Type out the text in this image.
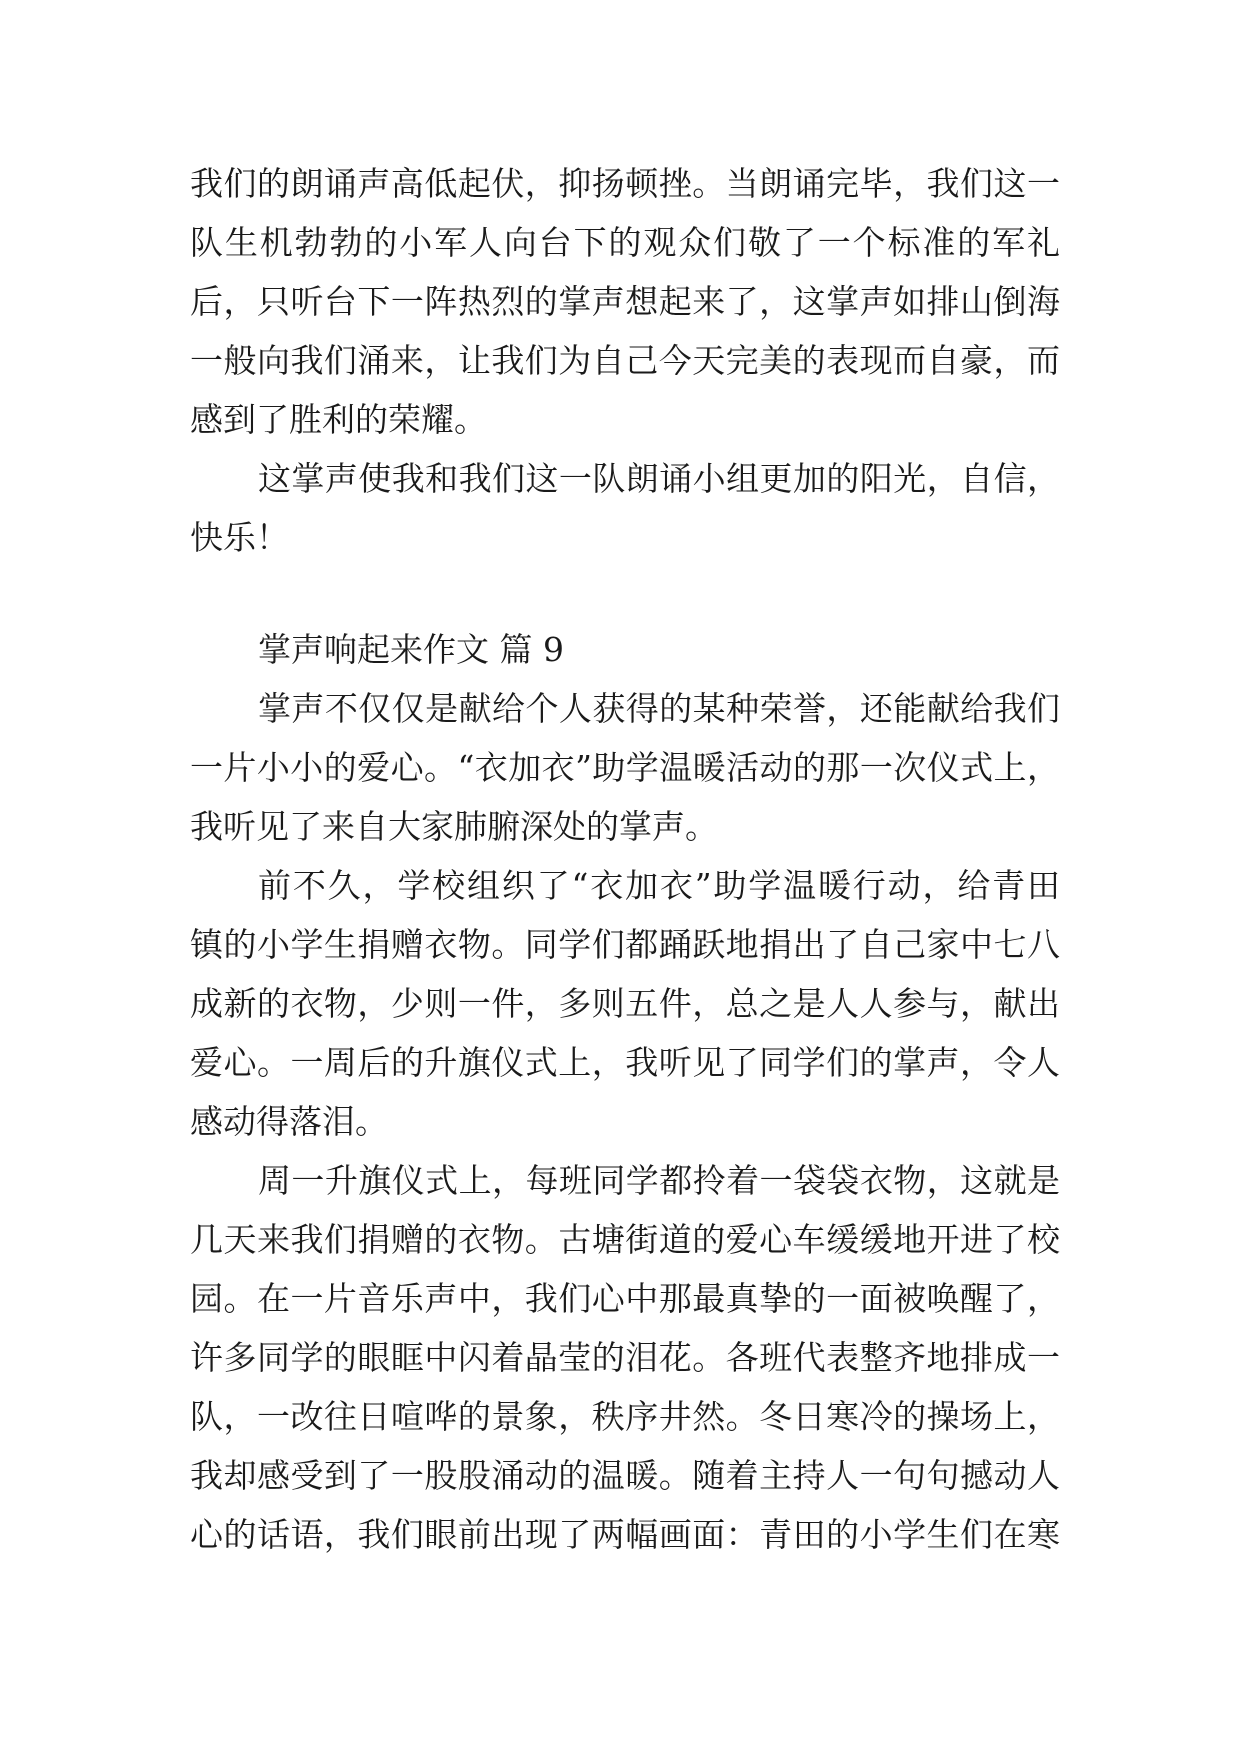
我们的朗诵声高低起伏，抑扬顿挫。当朗诵完毕，我们这一
队生机勃勃的小军人向台下的观众们敬了一个标准的军礼
后，只听台下一阵热烈的掌声想起来了，这掌声如排山倒海
一般向我们涌来，让我们为自己今天完美的表现而自豪，而
感到了胜利的荣耀。
这掌声使我和我们这一队朗诵小组更加的阳光，自信，
快乐！
掌声响起来作文 篇 9
掌声不仅仅是献给个人获得的某种荣誉，还能献给我们
一片小小的爱心。“衣加衣”助学温暖活动的那一次仪式上，
我听见了来自大家肺腑深处的掌声。
前不久，学校组织了“衣加衣”助学温暖行动，给青田
镇的小学生捐赠衣物。同学们都踊跃地捐出了自己家中七八
成新的衣物，少则一件，多则五件，总之是人人参与，献出
爱心。一周后的升旗仪式上，我听见了同学们的掌声，令人
感动得落泪。
周一升旗仪式上，每班同学都拎着一袋袋衣物，这就是
几天来我们捐赠的衣物。古塘街道的爱心车缓缓地开进了校
园。在一片音乐声中，我们心中那最真挚的一面被唤醒了，
许多同学的眼眶中闪着晶莹的泪花。各班代表整齐地排成一
队，一改往日喧哗的景象，秩序井然。冬日寒冷的操场上，
我却感受到了一股股涌动的温暖。随着主持人一句句撼动人
心的话语，我们眼前出现了两幅画面：青田的小学生们在寒
